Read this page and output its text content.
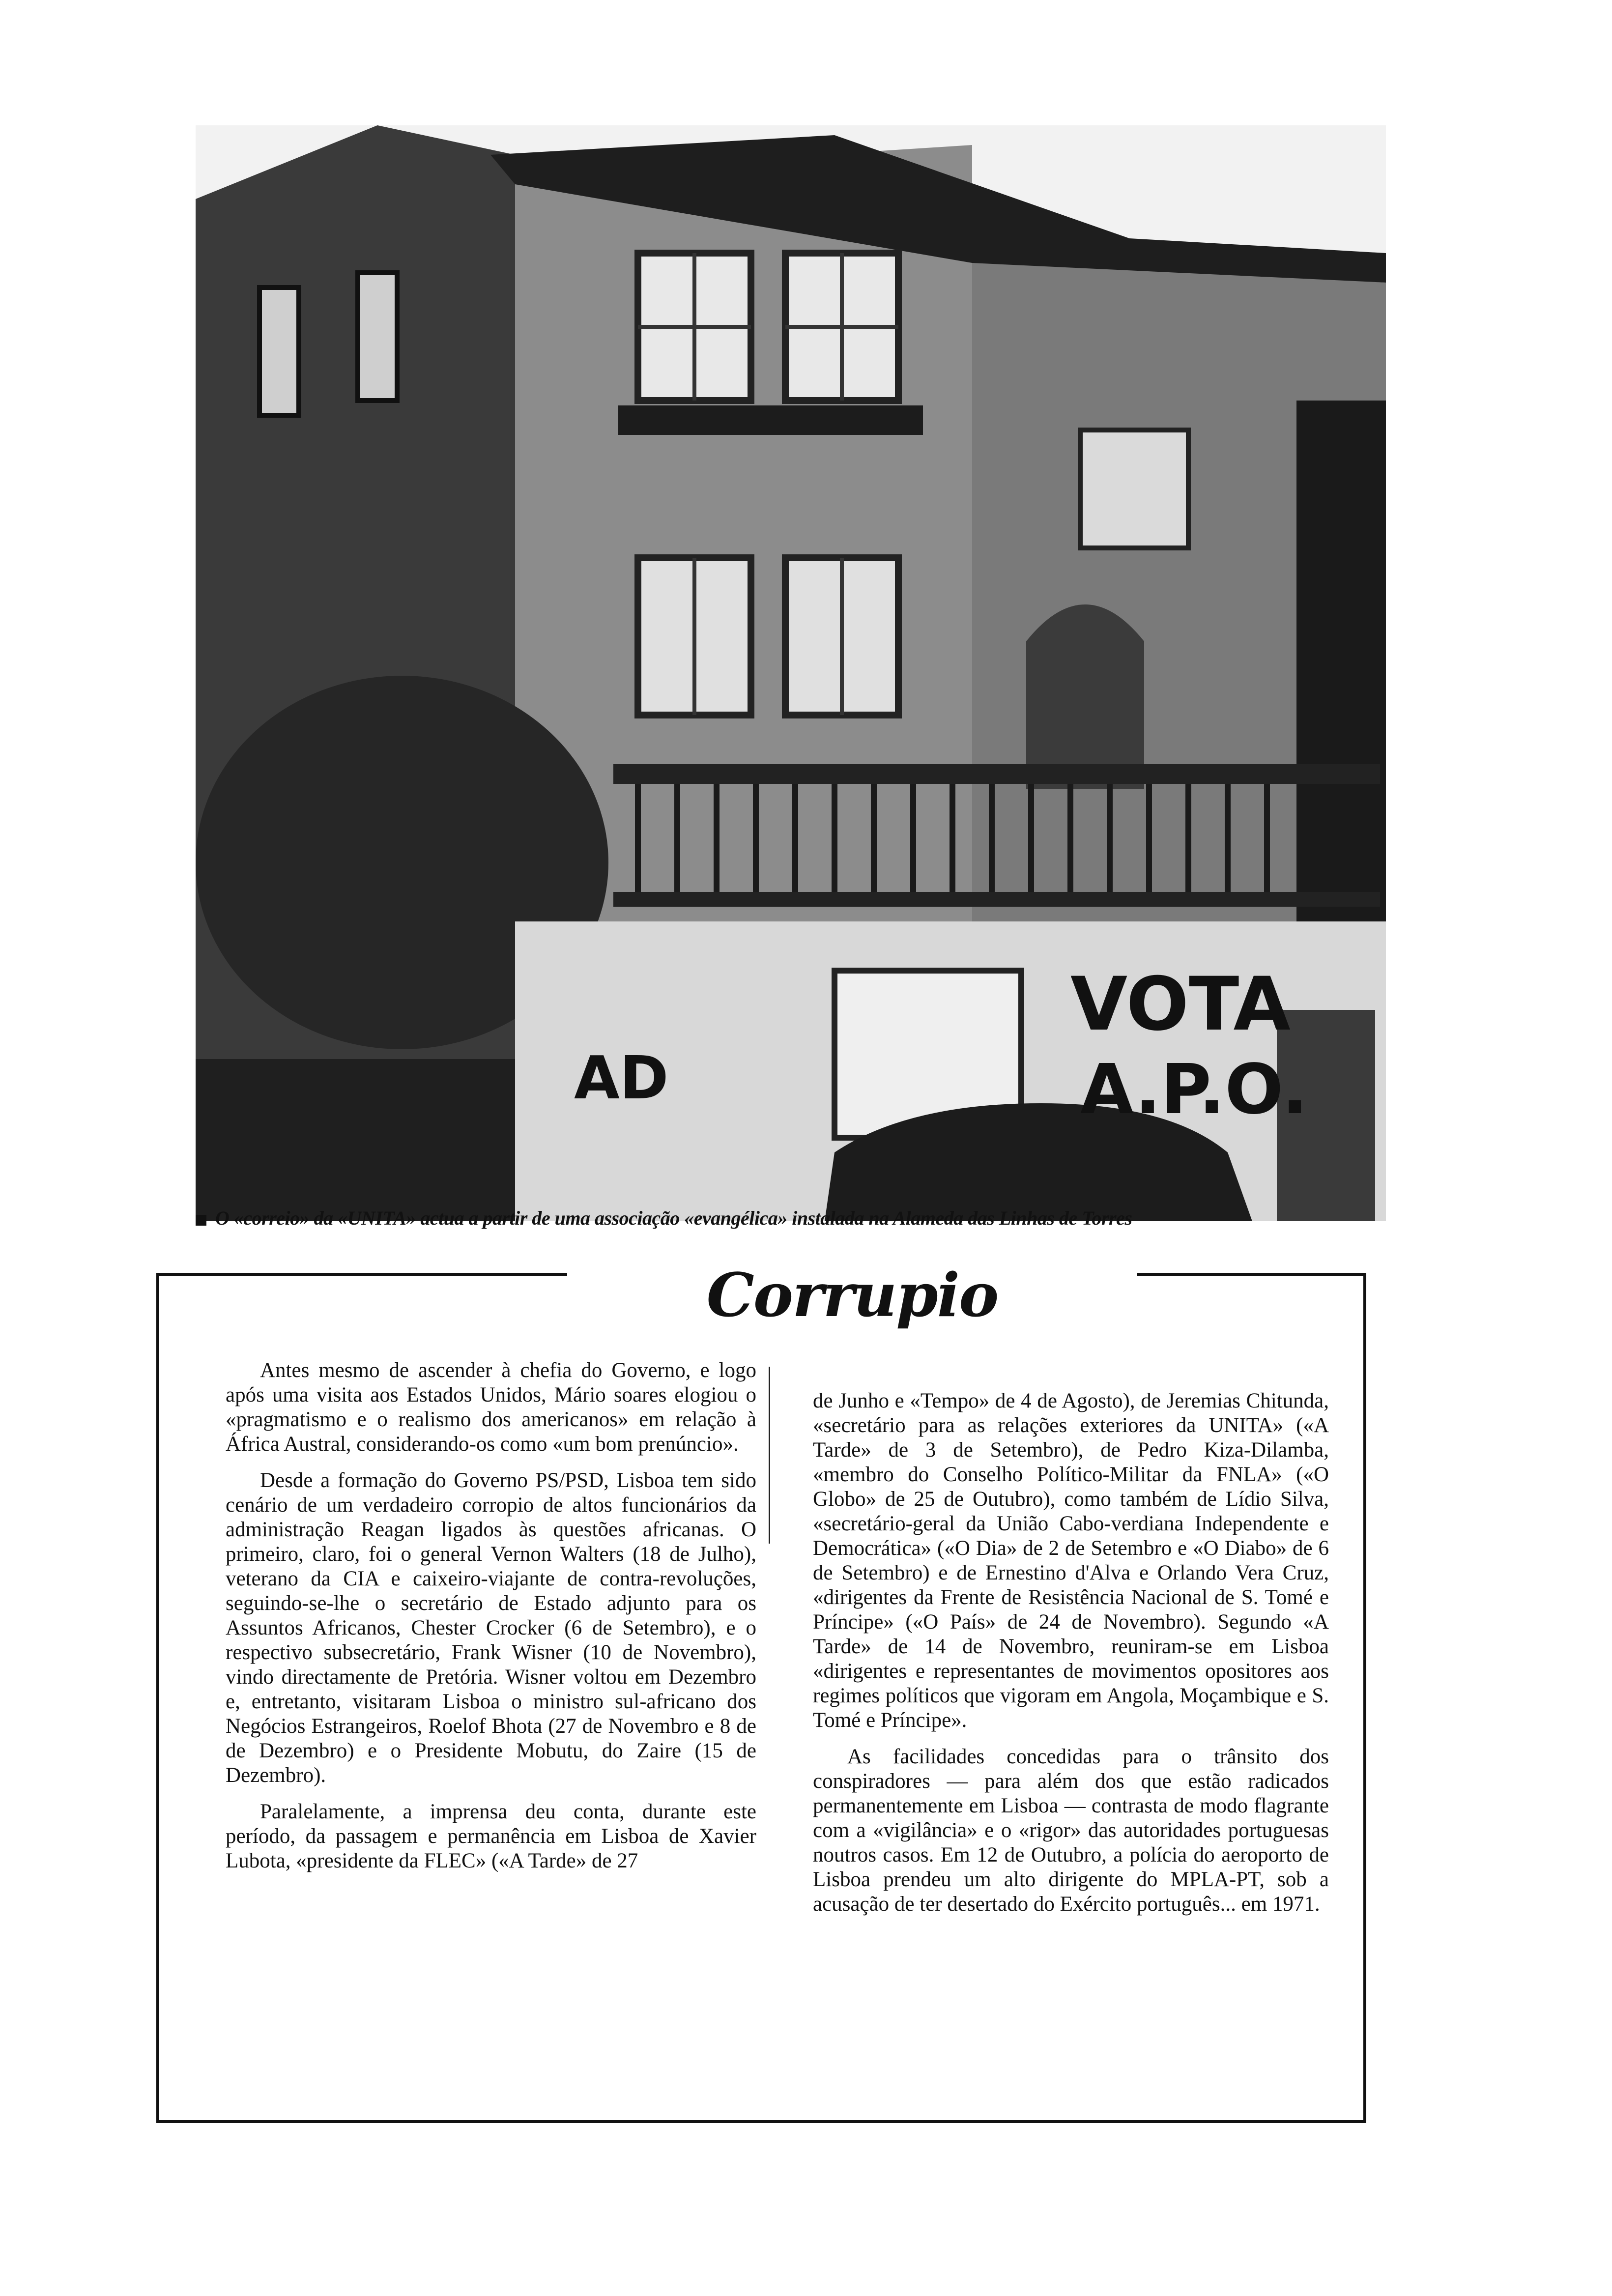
AD
VOTA
A.P.O.
O «correio» da «UNITA» actua a partir de uma associação «evangélica» instalada na Alameda das Linhas de Torres
Corrupio

Antes mesmo de ascender à chefia do Governo, e logo após uma visita aos Estados Unidos, Mário soares elogiou o «pragmatismo e o realismo dos americanos» em relação à África Austral, considerando-os como «um bom prenúncio».

Desde a formação do Governo PS/PSD, Lisboa tem sido cenário de um verdadeiro corropio de altos funcionários da administração Reagan ligados às questões africanas. O primeiro, claro, foi o general Vernon Walters (18 de Julho), veterano da CIA e caixeiro-viajante de contra-revoluções, seguindo-se-lhe o secretário de Estado adjunto para os Assuntos Africanos, Chester Crocker (6 de Setembro), e o respectivo subsecretário, Frank Wisner (10 de Novembro), vindo directamente de Pretória. Wisner voltou em Dezembro e, entretanto, visitaram Lisboa o ministro sul-africano dos Negócios Estrangeiros, Roelof Bhota (27 de Novembro e 8 de de Dezembro) e o Presidente Mobutu, do Zaire (15 de Dezembro).

Paralelamente, a imprensa deu conta, durante este período, da passagem e permanência em Lisboa de Xavier Lubota, «presidente da FLEC» («A Tarde» de 27

de Junho e «Tempo» de 4 de Agosto), de Jeremias Chitunda, «secretário para as relações exteriores da UNITA» («A Tarde» de 3 de Setembro), de Pedro Kiza-Dilamba, «membro do Conselho Político-Militar da FNLA» («O Globo» de 25 de Outubro), como também de Lídio Silva, «secretário-geral da União Cabo-verdiana Independente e Democrática» («O Dia» de 2 de Setembro e «O Diabo» de 6 de Setembro) e de Ernestino d'Alva e Orlando Vera Cruz, «dirigentes da Frente de Resistência Nacional de S. Tomé e Príncipe» («O País» de 24 de Novembro). Segundo «A Tarde» de 14 de Novembro, reuniram-se em Lisboa «dirigentes e representantes de movimentos opositores aos regimes políticos que vigoram em Angola, Moçambique e S. Tomé e Príncipe».

As facilidades concedidas para o trânsito dos conspiradores — para além dos que estão radicados permanentemente em Lisboa — contrasta de modo flagrante com a «vigilância» e o «rigor» das autoridades portuguesas noutros casos. Em 12 de Outubro, a polícia do aeroporto de Lisboa prendeu um alto dirigente do MPLA-PT, sob a acusação de ter desertado do Exército português... em 1971.
